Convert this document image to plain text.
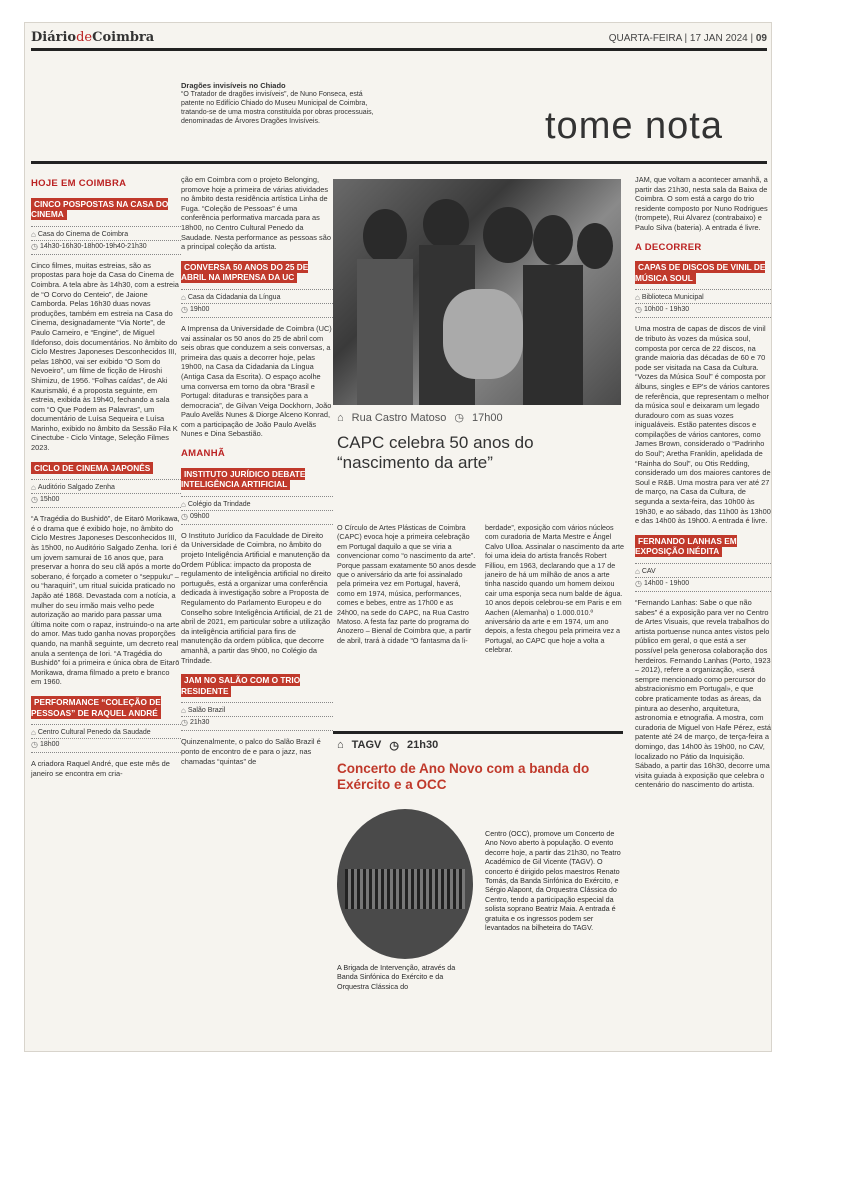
DiáriodeCoimbra	QUARTA-FEIRA | 17 JAN 2024 | 09
Dragões invisíveis no Chiado
“O Tratador de dragões invisíveis”, de Nuno Fonseca, está patente no Edifício Chiado do Museu Municipal de Coimbra, tratando-se de uma mostra constituída por obras processuais, denominadas de Árvores Dragões Invisíveis.	tome nota
HOJE EM COIMBRA
CINCO POSPOSTAS NA CASA DO CINEMA
⌂ Casa do Cinema de Coimbra
◷ 14h30-16h30-18h00-19h40-21h30

Cinco filmes, muitas estreias, são as propostas para hoje da Casa do Cinema de Coimbra. A tela abre às 14h30, com a estreia de “O Corvo do Centeio”, de Jaione Camborda. Pelas 16h30 duas novas produções, também em estreia na Casa do Cinema, designadamente “Via Norte”, de Paulo Carneiro, e “Engine”, de Miguel Ildefonso, dois documentários. No âmbito do Ciclo Mestres Japoneses Desconhecidos III, pelas 18h00, vai ser exibido “O Som do Nevoeiro”, um filme de ficção de Hiroshi Shimizu, de 1956. “Folhas caídas”, de Aki Kaurismäki, é a proposta seguinte, em estreia, exibida às 19h40, fechando a sala com “O Que Podem as Palavras”, um documentário de Luísa Sequeira e Luísa Marinho, exibido no âmbito da Sessão Fila K Cinectube - Ciclo Vintage, Seleção Filmes 2023.

CICLO DE CINEMA JAPONÊS
⌂ Auditório Salgado Zenha
◷ 15h00

“A Tragédia do Bushidō”, de Eitarō Morikawa, é o drama que é exibido hoje, no âmbito do Ciclo Mestres Japoneses Desconhecidos III, às 15h00, no Auditório Salgado Zenha. Iori é um jovem samurai de 16 anos que, para preservar a honra do seu clã após a morte do soberano, é forçado a cometer o “seppuku” – ou “haraquiri”, um ritual suicida praticado no Japão até 1868. Devastada com a notícia, a mulher do seu irmão mais velho pede autorização ao marido para passar uma última noite com o rapaz, instruindo-o na arte do amor. Mas tudo ganha novas proporções quando, na manhã seguinte, um decreto real anula a sentença de Iori. “A Tragédia do Bushidō” foi a primeira e única obra de Eitarō Morikawa, drama filmado a preto e branco em 1960.

PERFORMANCE “COLEÇÃO DE PESSOAS” DE RAQUEL ANDRÉ
⌂ Centro Cultural Penedo da Saudade
◷ 18h00

A criadora Raquel André, que este mês de janeiro se encontra em cria-

ção em Coimbra com o projeto Belonging, promove hoje a primeira de várias atividades no âmbito desta residência artística Linha de Fuga. “Coleção de Pessoas” é uma conferência performativa marcada para as 18h00, no Centro Cultural Penedo da Saudade. Nesta performance as pessoas são a principal coleção da artista.

CONVERSA 50 ANOS DO 25 DE ABRIL NA IMPRENSA DA UC
⌂ Casa da Cidadania da Língua
◷ 19h00

A Imprensa da Universidade de Coimbra (UC) vai assinalar os 50 anos do 25 de abril com seis obras que conduzem a seis conversas, a primeira das quais a decorrer hoje, pelas 19h00, na Casa da Cidadania da Língua (Antiga Casa da Escrita). O espaço acolhe uma conversa em torno da obra “Brasil e Portugal: ditaduras e transições para a democracia”, de Gilvan Veiga Dockhorn, João Paulo Avelãs Nunes & Diorge Alceno Konrad, com a participação de João Paulo Avelãs Nunes e Dina Sebastião.

AMANHÃ
INSTITUTO JURÍDICO DEBATE INTELIGÊNCIA ARTIFICIAL
⌂ Colégio da Trindade
◷ 09h00

O Instituto Jurídico da Faculdade de Direito da Universidade de Coimbra, no âmbito do projeto Inteligência Artificial e manutenção da Ordem Pública: impacto da proposta de regulamento de inteligência artificial no direito português, está a organizar uma conferência dedicada à investigação sobre a Proposta de Regulamento do Parlamento Europeu e do Conselho sobre Inteligência Artificial, de 21 de abril de 2021, em particular sobre a utilização da inteligência artificial para fins de manutenção da ordem pública, que decorre amanhã, a partir das 9h00, no Colégio da Trindade.

JAM NO SALÃO COM O TRIO RESIDENTE
⌂ Salão Brazil
◷ 21h30

Quinzenalmente, o palco do Salão Brazil é ponto de encontro de e para o jazz, nas chamadas “quintas” de

⌂ Rua Castro Matoso ◷ 17h00
CAPC celebra 50 anos do “nascimento da arte”
O Círculo de Artes Plásticas de Coimbra (CAPC) evoca hoje a primeira celebração em Portugal daquilo a que se viria a convencionar como “o nascimento da arte”. Porque passam exatamente 50 anos desde que o aniversário da arte foi assinalado pela primeira vez em Portugal, haverá, como em 1974, música, performances, comes e bebes, entre as 17h00 e as 24h00, na sede do CAPC, na Rua Castro Matoso. A festa faz parte do programa do Anozero – Bienal de Coimbra que, a partir de abril, trará à cidade “O fantasma da li-
berdade”, exposição com vários núcleos com curadoria de Marta Mestre e Ángel Calvo Ulloa. Assinalar o nascimento da arte foi uma ideia do artista francês Robert Filliou, em 1963, declarando que a 17 de janeiro de há um milhão de anos a arte tinha nascido quando um homem deixou cair uma esponja seca num balde de água. 10 anos depois celebrou-se em Paris e em Aachen (Alemanha) o 1.000.010.º aniversário da arte e em 1974, um ano depois, a festa chegou pela primeira vez a Portugal, ao CAPC que hoje a volta a celebrar.
⌂ TAGV ◷ 21h30
Concerto de Ano Novo com a banda do Exército e a OCC
A Brigada de Intervenção, através da Banda Sinfónica do Exército e da Orquestra Clássica do
Centro (OCC), promove um Concerto de Ano Novo aberto à população. O evento decorre hoje, a partir das 21h30, no Teatro Académico de Gil Vicente (TAGV). O concerto é dirigido pelos maestros Renato Tomás, da Banda Sinfónica do Exército, e Sérgio Alapont, da Orquestra Clássica do Centro, tendo a participação especial da solista soprano Beatriz Maia. A entrada é gratuita e os ingressos podem ser levantados na bilheteira do TAGV.

JAM, que voltam a acontecer amanhã, a partir das 21h30, nesta sala da Baixa de Coimbra. O som está a cargo do trio residente composto por Nuno Rodrigues (trompete), Rui Alvarez (contrabaixo) e Paulo Silva (bateria). A entrada é livre.

A DECORRER
CAPAS DE DISCOS DE VINIL DE MÚSICA SOUL
⌂ Biblioteca Municipal
◷ 10h00 - 19h30

Uma mostra de capas de discos de vinil de tributo às vozes da música soul, composta por cerca de 22 discos, na grande maioria das décadas de 60 e 70 pode ser visitada na Casa da Cultura. “Vozes da Música Soul” é composta por álbuns, singles e EP's de vários cantores de referência, que representam o melhor da música soul e deixaram um legado duradouro com as suas vozes inigualáveis. Estão patentes discos e compilações de vários cantores, como James Brown, considerado o “Padrinho do Soul”; Aretha Franklin, apelidada de “Rainha do Soul”, ou Otis Redding, considerado um dos maiores cantores de Soul e R&B. Uma mostra para ver até 27 de março, na Casa da Cultura, de segunda a sexta-feira, das 10h00 às 19h30, e ao sábado, das 11h00 às 13h00 e das 14h00 às 19h00. A entrada é livre.

FERNANDO LANHAS EM EXPOSIÇÃO INÉDITA
⌂ CAV
◷ 14h00 - 19h00

“Fernando Lanhas: Sabe o que não sabes” é a exposição para ver no Centro de Artes Visuais, que revela trabalhos do artista portuense nunca antes vistos pelo público em geral, o que está a ser possível pela generosa colaboração dos herdeiros. Fernando Lanhas (Porto, 1923 – 2012), refere a organização, «será sempre mencionado como percursor do abstracionismo em Portugal», e que cobre praticamente todas as áreas, da pintura ao desenho, arquitetura, astronomia e etnografia. A mostra, com curadoria de Miguel von Hafe Pérez, está patente até 24 de março, de terça-feira a domingo, das 14h00 às 19h00, no CAV, localizado no Pátio da Inquisição. Sábado, a partir das 16h30, decorre uma visita guiada à exposição que celebra o centenário do nascimento do artista.
